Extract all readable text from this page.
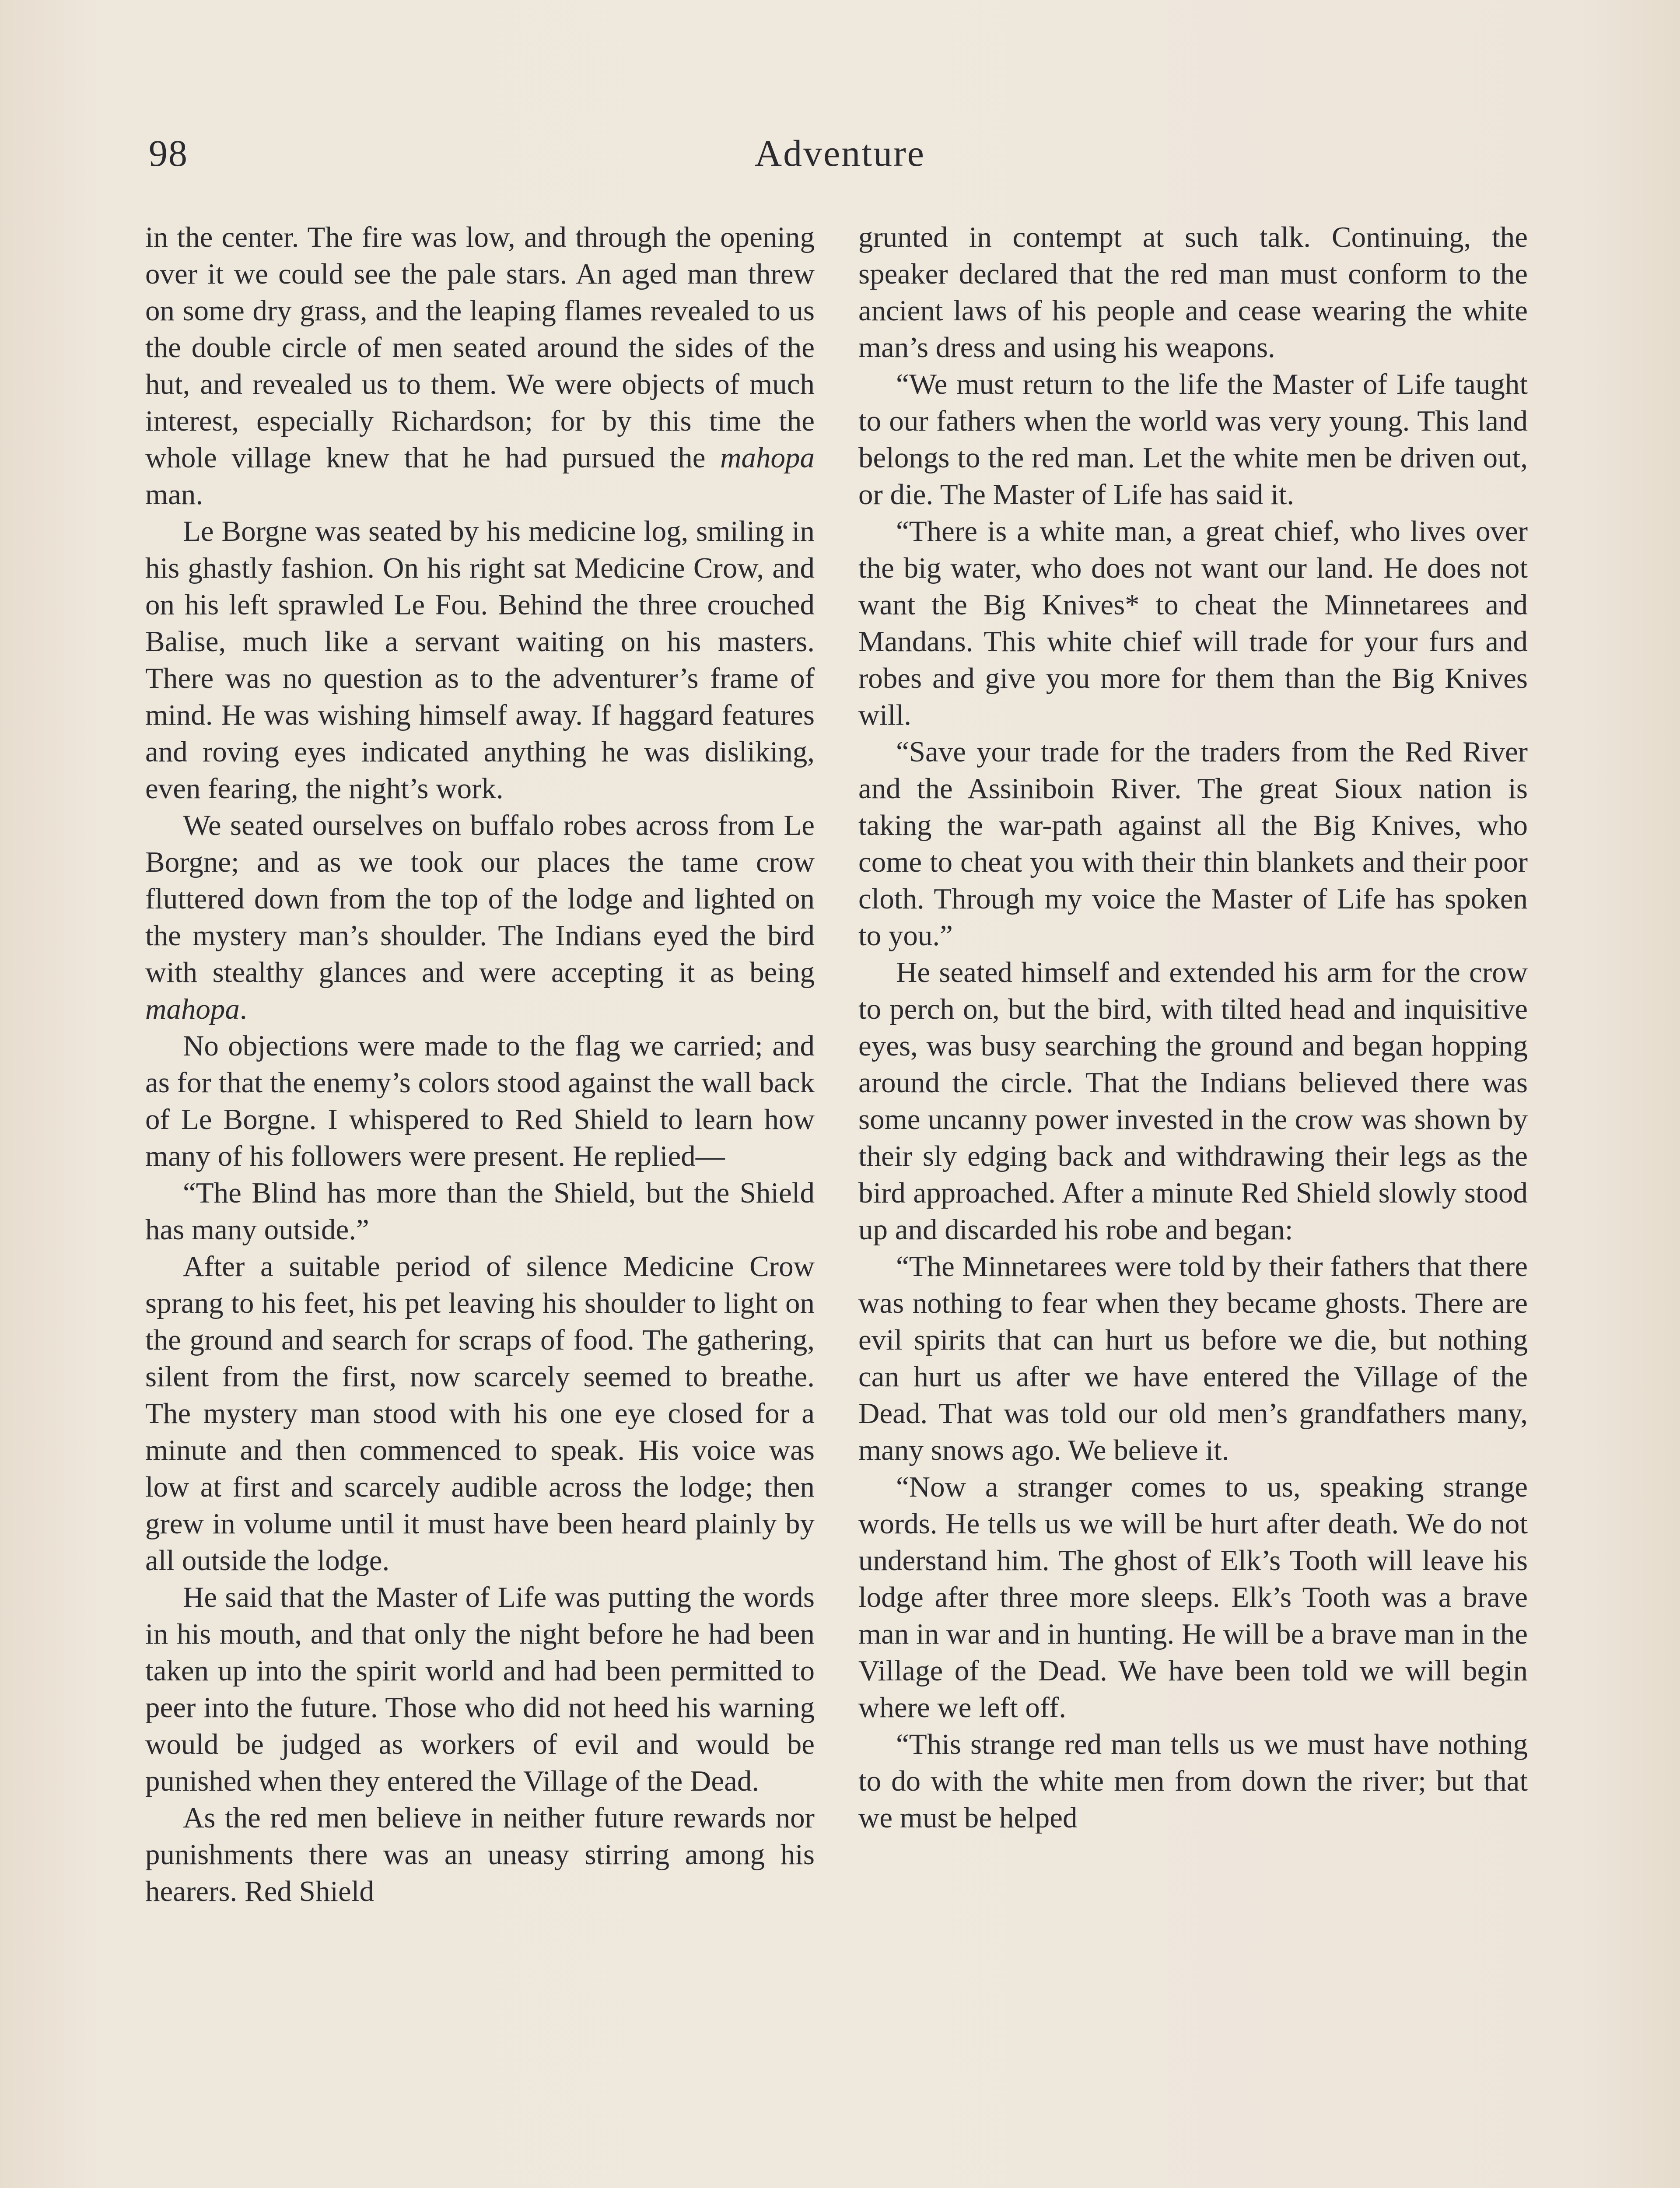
98	Adventure

in the center. The fire was low, and through the opening over it we could see the pale stars. An aged man threw on some dry grass, and the leaping flames revealed to us the double circle of men seated around the sides of the hut, and revealed us to them. We were objects of much interest, especially Richardson; for by this time the whole village knew that he had pursued the mahopa man.

Le Borgne was seated by his medicine log, smiling in his ghastly fashion. On his right sat Medicine Crow, and on his left sprawled Le Fou. Behind the three crouched Balise, much like a servant waiting on his masters. There was no question as to the adventurer’s frame of mind. He was wishing himself away. If haggard features and roving eyes indicated anything he was disliking, even fearing, the night’s work.

We seated ourselves on buffalo robes across from Le Borgne; and as we took our places the tame crow fluttered down from the top of the lodge and lighted on the mystery man’s shoulder. The Indians eyed the bird with stealthy glances and were accepting it as being mahopa.

No objections were made to the flag we carried; and as for that the enemy’s colors stood against the wall back of Le Borgne. I whispered to Red Shield to learn how many of his followers were present. He replied—

“The Blind has more than the Shield, but the Shield has many outside.”

After a suitable period of silence Medicine Crow sprang to his feet, his pet leaving his shoulder to light on the ground and search for scraps of food. The gathering, silent from the first, now scarcely seemed to breathe. The mystery man stood with his one eye closed for a minute and then commenced to speak. His voice was low at first and scarcely audible across the lodge; then grew in volume until it must have been heard plainly by all outside the lodge.

He said that the Master of Life was putting the words in his mouth, and that only the night before he had been taken up into the spirit world and had been permitted to peer into the future. Those who did not heed his warning would be judged as workers of evil and would be punished when they entered the Village of the Dead.

As the red men believe in neither future rewards nor punishments there was an uneasy stirring among his hearers. Red Shield

grunted in contempt at such talk. Continuing, the speaker declared that the red man must conform to the ancient laws of his people and cease wearing the white man’s dress and using his weapons.

“We must return to the life the Master of Life taught to our fathers when the world was very young. This land belongs to the red man. Let the white men be driven out, or die. The Master of Life has said it.

“There is a white man, a great chief, who lives over the big water, who does not want our land. He does not want the Big Knives* to cheat the Minnetarees and Mandans. This white chief will trade for your furs and robes and give you more for them than the Big Knives will.

“Save your trade for the traders from the Red River and the Assiniboin River. The great Sioux nation is taking the war-path against all the Big Knives, who come to cheat you with their thin blankets and their poor cloth. Through my voice the Master of Life has spoken to you.”

He seated himself and extended his arm for the crow to perch on, but the bird, with tilted head and inquisitive eyes, was busy searching the ground and began hopping around the circle. That the Indians believed there was some uncanny power invested in the crow was shown by their sly edging back and withdrawing their legs as the bird approached. After a minute Red Shield slowly stood up and discarded his robe and began:

“The Minnetarees were told by their fathers that there was nothing to fear when they became ghosts. There are evil spirits that can hurt us before we die, but nothing can hurt us after we have entered the Village of the Dead. That was told our old men’s grandfathers many, many snows ago. We believe it.

“Now a stranger comes to us, speaking strange words. He tells us we will be hurt after death. We do not understand him. The ghost of Elk’s Tooth will leave his lodge after three more sleeps. Elk’s Tooth was a brave man in war and in hunting. He will be a brave man in the Village of the Dead. We have been told we will begin where we left off.

“This strange red man tells us we must have nothing to do with the white men from down the river; but that we must be helped
